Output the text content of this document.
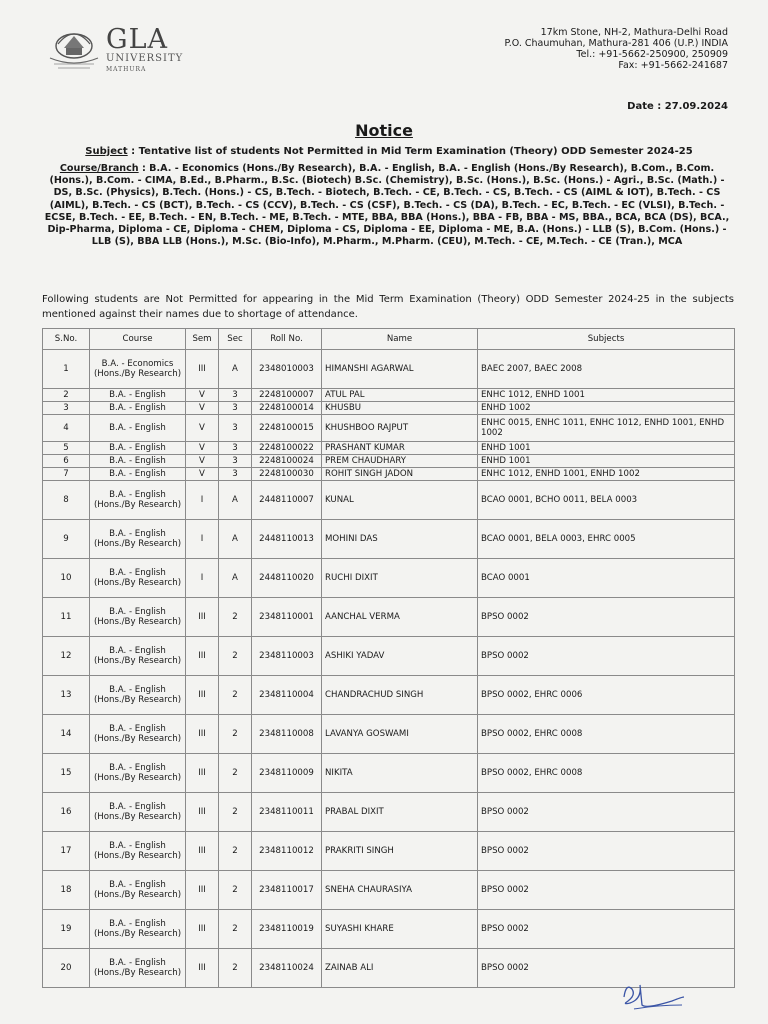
GLA
UNIVERSITY
MATHURA
17km Stone, NH-2, Mathura-Delhi Road
P.O. Chaumuhan, Mathura-281 406 (U.P.) INDIA
Tel.: +91-5662-250900, 250909
Fax: +91-5662-241687
Date : 27.09.2024
Notice
Subject : Tentative list of students Not Permitted in Mid Term Examination (Theory) ODD Semester 2024-25
Course/Branch : B.A. - Economics (Hons./By Research), B.A. - English, B.A. - English (Hons./By Research), B.Com., B.Com. (Hons.), B.Com. - CIMA, B.Ed., B.Pharm., B.Sc. (Biotech) B.Sc. (Chemistry), B.Sc. (Hons.), B.Sc. (Hons.) - Agri., B.Sc. (Math.) - DS, B.Sc. (Physics), B.Tech. (Hons.) - CS, B.Tech. - Biotech, B.Tech. - CE, B.Tech. - CS, B.Tech. - CS (AIML & IOT), B.Tech. - CS (AIML), B.Tech. - CS (BCT), B.Tech. - CS (CCV), B.Tech. - CS (CSF), B.Tech. - CS (DA), B.Tech. - EC, B.Tech. - EC (VLSI), B.Tech. - ECSE, B.Tech. - EE, B.Tech. - EN, B.Tech. - ME, B.Tech. - MTE, BBA, BBA (Hons.), BBA - FB, BBA - MS, BBA., BCA, BCA (DS), BCA., Dip-Pharma, Diploma - CE, Diploma - CHEM, Diploma - CS, Diploma - EE, Diploma - ME, B.A. (Hons.) - LLB (S), B.Com. (Hons.) - LLB (S), BBA LLB (Hons.), M.Sc. (Bio-Info), M.Pharm., M.Pharm. (CEU), M.Tech. - CE, M.Tech. - CE (Tran.), MCA
Following students are Not Permitted for appearing in the Mid Term Examination (Theory) ODD Semester 2024-25 in the subjects mentioned against their names due to shortage of attendance.
S.No.	Course	Sem	Sec	Roll No.	Name	Subjects
1	B.A. - Economics (Hons./By Research)	III	A	2348010003	HIMANSHI AGARWAL	BAEC 2007, BAEC 2008
2	B.A. - English	V	3	2248100007	ATUL PAL	ENHC 1012, ENHD 1001
3	B.A. - English	V	3	2248100014	KHUSBU	ENHD 1002
4	B.A. - English	V	3	2248100015	KHUSHBOO RAJPUT	ENHC 0015, ENHC 1011, ENHC 1012, ENHD 1001, ENHD 1002
5	B.A. - English	V	3	2248100022	PRASHANT KUMAR	ENHD 1001
6	B.A. - English	V	3	2248100024	PREM CHAUDHARY	ENHD 1001
7	B.A. - English	V	3	2248100030	ROHIT SINGH JADON	ENHC 1012, ENHD 1001, ENHD 1002
8	B.A. - English (Hons./By Research)	I	A	2448110007	KUNAL	BCAO 0001, BCHO 0011, BELA 0003
9	B.A. - English (Hons./By Research)	I	A	2448110013	MOHINI DAS	BCAO 0001, BELA 0003, EHRC 0005
10	B.A. - English (Hons./By Research)	I	A	2448110020	RUCHI DIXIT	BCAO 0001
11	B.A. - English (Hons./By Research)	III	2	2348110001	AANCHAL VERMA	BPSO 0002
12	B.A. - English (Hons./By Research)	III	2	2348110003	ASHIKI YADAV	BPSO 0002
13	B.A. - English (Hons./By Research)	III	2	2348110004	CHANDRACHUD SINGH	BPSO 0002, EHRC 0006
14	B.A. - English (Hons./By Research)	III	2	2348110008	LAVANYA GOSWAMI	BPSO 0002, EHRC 0008
15	B.A. - English (Hons./By Research)	III	2	2348110009	NIKITA	BPSO 0002, EHRC 0008
16	B.A. - English (Hons./By Research)	III	2	2348110011	PRABAL DIXIT	BPSO 0002
17	B.A. - English (Hons./By Research)	III	2	2348110012	PRAKRITI SINGH	BPSO 0002
18	B.A. - English (Hons./By Research)	III	2	2348110017	SNEHA CHAURASIYA	BPSO 0002
19	B.A. - English (Hons./By Research)	III	2	2348110019	SUYASHI KHARE	BPSO 0002
20	B.A. - English (Hons./By Research)	III	2	2348110024	ZAINAB ALI	BPSO 0002
